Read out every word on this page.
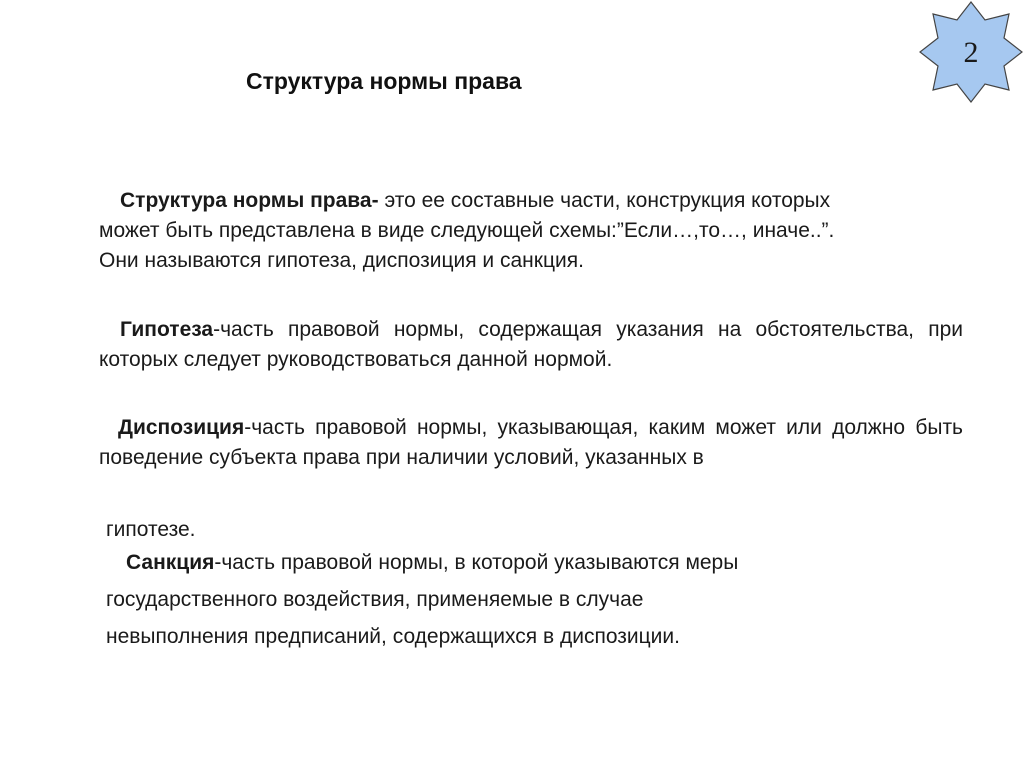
2
Структура нормы права

Структура нормы права- это ее составные части, конструкция которых может быть представлена в виде следующей схемы:”Если…,то…, иначе..”. Они называются гипотеза, диспозиция и санкция.

Гипотеза-часть правовой нормы, содержащая указания на обстоятельства, при которых следует руководствоваться данной нормой.

Диспозиция-часть правовой нормы, указывающая, каким может или должно быть поведение субъекта права при наличии условий, указанных в

гипотезе.

Санкция-часть правовой нормы, в которой указываются меры

государственного воздействия, применяемые в случае

невыполнения предписаний, содержащихся в диспозиции.
